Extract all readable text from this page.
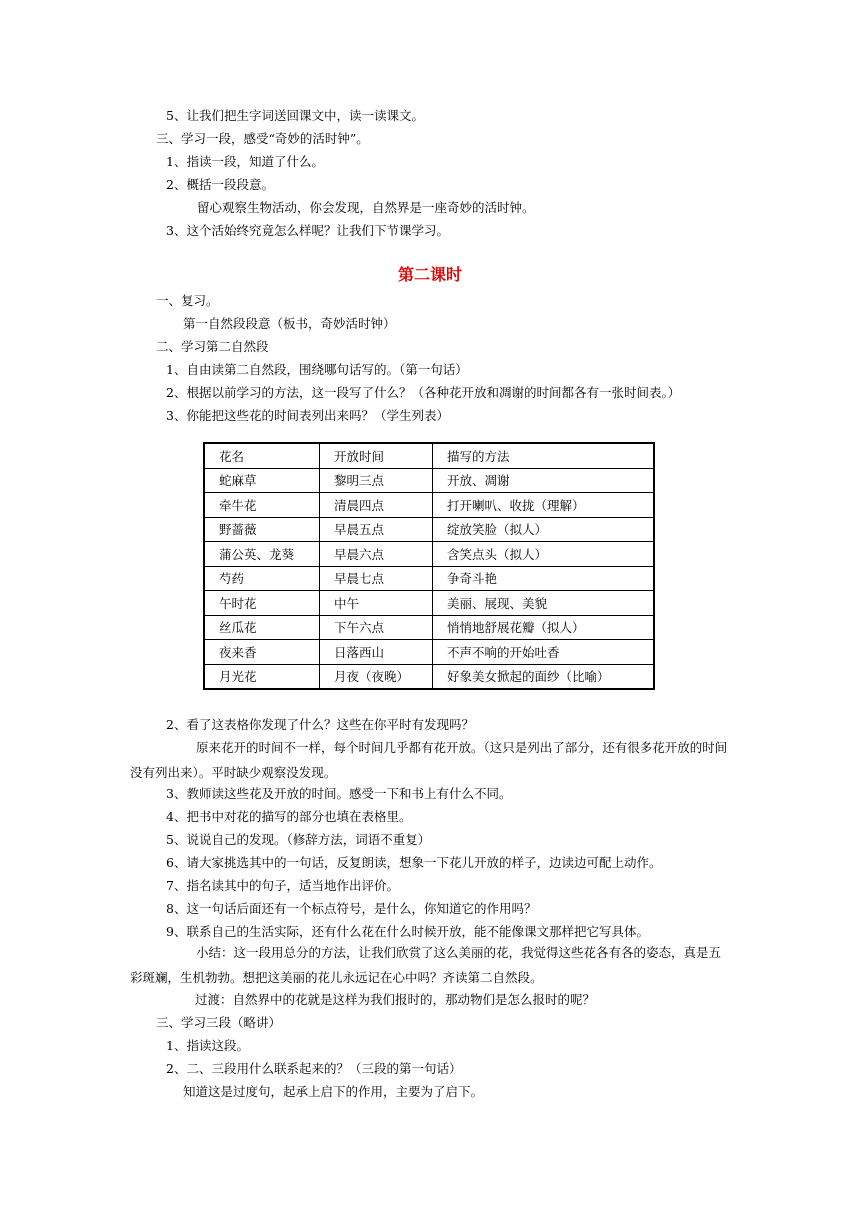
5、让我们把生字词送回课文中，读一读课文。
三、学习一段，感受“奇妙的活时钟”。
1、指读一段，知道了什么。
2、概括一段段意。
留心观察生物活动，你会发现，自然界是一座奇妙的活时钟。
3、这个活始终究竟怎么样呢？让我们下节课学习。
第二课时
一、复习。
第一自然段段意（板书，奇妙活时钟）
二、学习第二自然段
1、自由读第二自然段，围绕哪句话写的。（第一句话）
2、根据以前学习的方法，这一段写了什么？（各种花开放和凋谢的时间都各有一张时间表。）
3、你能把这些花的时间表列出来吗？（学生列表）
花名	开放时间	描写的方法
蛇麻草	黎明三点	开放、凋谢
牵牛花	清晨四点	打开喇叭、收拢（理解）
野蔷薇	早晨五点	绽放笑脸（拟人）
蒲公英、龙葵	早晨六点	含笑点头（拟人）
芍药	早晨七点	争奇斗艳
午时花	中午	美丽、展现、美貌
丝瓜花	下午六点	悄悄地舒展花瓣（拟人）
夜来香	日落西山	不声不响的开始吐香
月光花	月夜（夜晚）	好象美女掀起的面纱（比喻）
2、看了这表格你发现了什么？这些在你平时有发现吗？
原来花开的时间不一样，每个时间几乎都有花开放。（这只是列出了部分，还有很多花开放的时间没有列出来）。平时缺少观察没发现。
3、教师读这些花及开放的时间。感受一下和书上有什么不同。
4、把书中对花的描写的部分也填在表格里。
5、说说自己的发现。（修辞方法，词语不重复）
6、请大家挑选其中的一句话，反复朗读，想象一下花儿开放的样子，边读边可配上动作。
7、指名读其中的句子，适当地作出评价。
8、这一句话后面还有一个标点符号，是什么，你知道它的作用吗？
9、联系自己的生活实际，还有什么花在什么时候开放，能不能像课文那样把它写具体。
小结：这一段用总分的方法，让我们欣赏了这么美丽的花，我觉得这些花各有各的姿态，真是五彩斑斓，生机勃勃。想把这美丽的花儿永远记在心中吗？齐读第二自然段。
过渡：自然界中的花就是这样为我们报时的，那动物们是怎么报时的呢？
三、学习三段（略讲）
1、指读这段。
2、二、三段用什么联系起来的？（三段的第一句话）
知道这是过度句，起承上启下的作用，主要为了启下。
